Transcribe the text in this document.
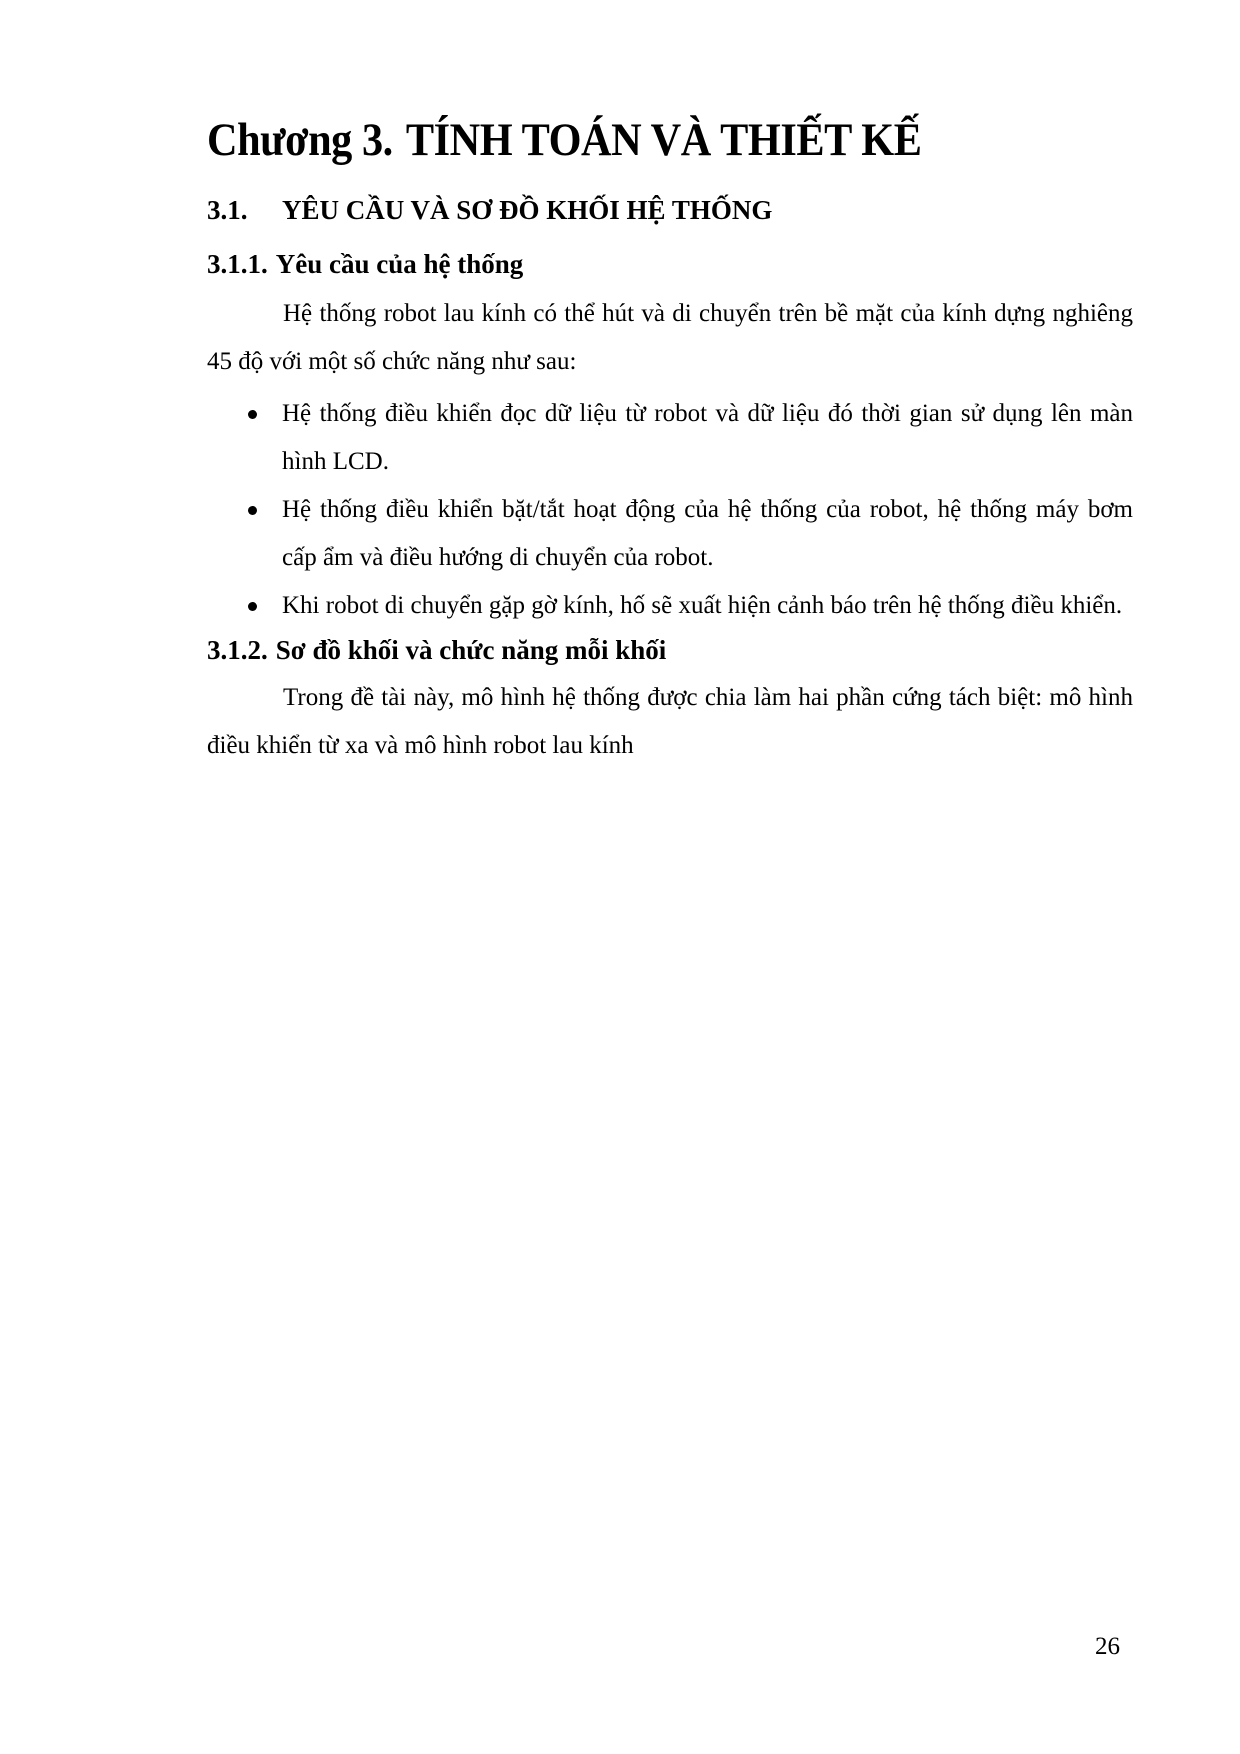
Chương 3. TÍNH TOÁN VÀ THIẾT KẾ
3.1. YÊU CẦU VÀ SƠ ĐỒ KHỐI HỆ THỐNG
3.1.1. Yêu cầu của hệ thống

Hệ thống robot lau kính có thể hút và di chuyển trên bề mặt của kính dựng nghiêng 45 độ với một số chức năng như sau:

Hệ thống điều khiển đọc dữ liệu từ robot và dữ liệu đó thời gian sử dụng lên màn hình LCD.
Hệ thống điều khiển bặt/tắt hoạt động của hệ thống của robot, hệ thống máy bơm cấp ẩm và điều hướng di chuyển của robot.
Khi robot di chuyển gặp gờ kính, hố sẽ xuất hiện cảnh báo trên hệ thống điều khiển.
3.1.2. Sơ đồ khối và chức năng mỗi khối

Trong đề tài này, mô hình hệ thống được chia làm hai phần cứng tách biệt: mô hình điều khiển từ xa và mô hình robot lau kính

26
